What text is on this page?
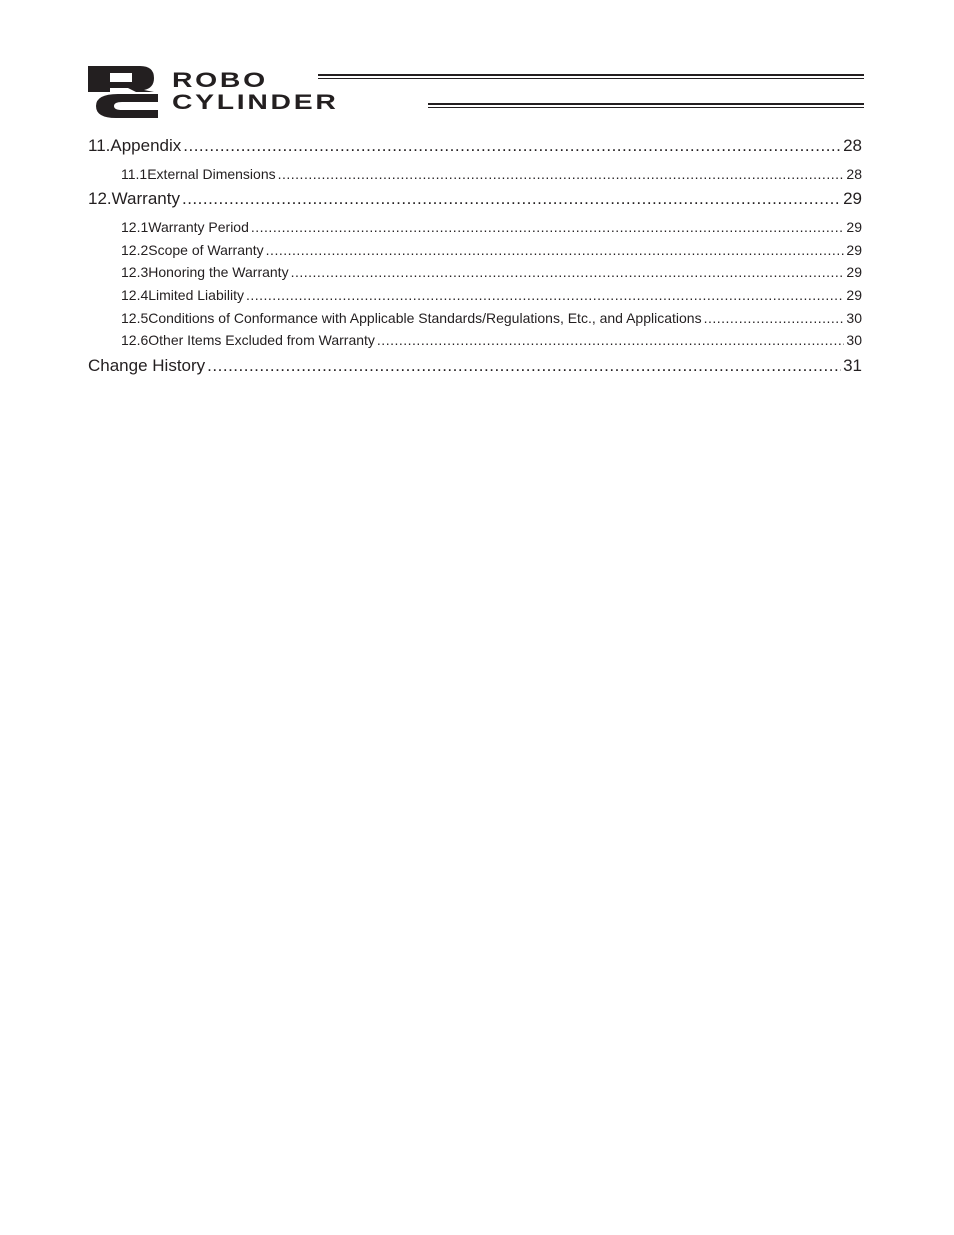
ROBO
CYLINDER
11. Appendix .....	28
11.1 External Dimensions .....	28
12. Warranty .....	29
12.1 Warranty Period .....	29
12.2 Scope of Warranty .....	29
12.3 Honoring the Warranty .....	29
12.4 Limited Liability .....	29
12.5 Conditions of Conformance with Applicable Standards/Regulations, Etc., and Applications .....	30
12.6 Other Items Excluded from Warranty .....	30
Change History .....	31
